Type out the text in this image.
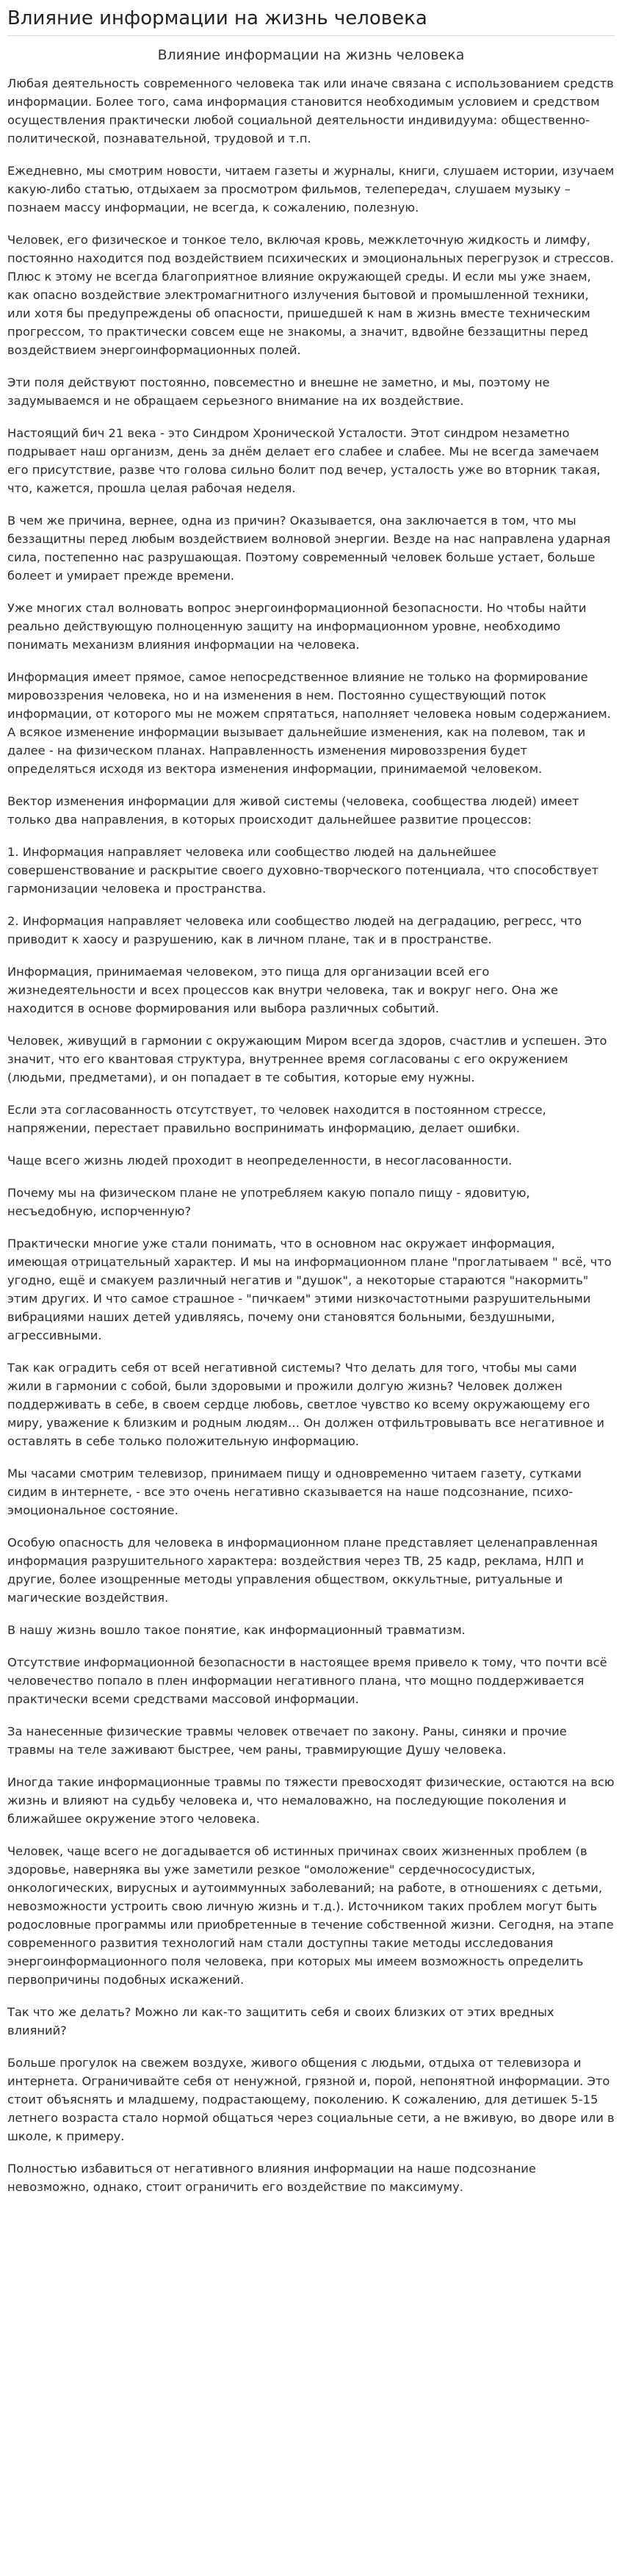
Влияние информации на жизнь человека
Влияние информации на жизнь человека

Любая деятельность современного человека так или иначе связана с использованием средств информации. Более того, сама информация становится необходимым условием и средством осуществления практически любой социальной деятельности индивидуума: общественно-политической, познавательной, трудовой и т.п.

Ежедневно, мы смотрим новости, читаем газеты и журналы, книги, слушаем истории, изучаем какую-либо статью, отдыхаем за просмотром фильмов, телепередач, слушаем музыку – познаем массу информации, не всегда, к сожалению, полезную.

Человек, его физическое и тонкое тело, включая кровь, межклеточную жидкость и лимфу, постоянно находится под воздействием психических и эмоциональных перегрузок и стрессов. Плюс к этому не всегда благоприятное влияние окружающей среды. И если мы уже знаем, как опасно воздействие электромагнитного излучения бытовой и промышленной техники, или хотя бы предупреждены об опасности, пришедшей к нам в жизнь вместе техническим прогрессом, то практически совсем еще не знакомы, а значит, вдвойне беззащитны перед воздействием энергоинформационных полей.

Эти поля действуют постоянно, повсеместно и внешне не заметно, и мы, поэтому не задумываемся и не обращаем серьезного внимание на их воздействие.

Настоящий бич 21 века - это Синдром Хронической Усталости. Этот синдром незаметно подрывает наш организм, день за днём делает его слабее и слабее. Мы не всегда замечаем его присутствие, разве что голова сильно болит под вечер, усталость уже во вторник такая, что, кажется, прошла целая рабочая неделя.

В чем же причина, вернее, одна из причин? Оказывается, она заключается в том, что мы беззащитны перед любым воздействием волновой энергии. Везде на нас направлена ударная сила, постепенно нас разрушающая. Поэтому современный человек больше устает, больше болеет и умирает прежде времени.

Уже многих стал волновать вопрос энергоинформационной безопасности. Но чтобы найти реально действующую полноценную защиту на информационном уровне, необходимо понимать механизм влияния информации на человека.

Информация имеет прямое, самое непосредственное влияние не только на формирование мировоззрения человека, но и на изменения в нем. Постоянно существующий поток информации, от которого мы не можем спрятаться, наполняет человека новым содержанием. А всякое изменение информации вызывает дальнейшие изменения, как на полевом, так и далее - на физическом планах. Направленность изменения мировоззрения будет определяться исходя из вектора изменения информации, принимаемой человеком.

Вектор изменения информации для живой системы (человека, сообщества людей) имеет только два направления, в которых происходит дальнейшее развитие процессов:

1. Информация направляет человека или сообщество людей на дальнейшее совершенствование и раскрытие своего духовно-творческого потенциала, что способствует гармонизации человека и пространства.

2. Информация направляет человека или сообщество людей на деградацию, регресс, что приводит к хаосу и разрушению, как в личном плане, так и в пространстве.

Информация, принимаемая человеком, это пища для организации всей его жизнедеятельности и всех процессов как внутри человека, так и вокруг него. Она же находится в основе формирования или выбора различных событий.

Человек, живущий в гармонии с окружающим Миром всегда здоров, счастлив и успешен. Это значит, что его квантовая структура, внутреннее время согласованы с его окружением (людьми, предметами), и он попадает в те события, которые ему нужны.

Если эта согласованность отсутствует, то человек находится в постоянном стрессе, напряжении, перестает правильно воспринимать информацию, делает ошибки.

Чаще всего жизнь людей проходит в неопределенности, в несогласованности.

Почему мы на физическом плане не употребляем какую попало пищу - ядовитую, несъедобную, испорченную?

Практически многие уже стали понимать, что в основном нас окружает информация, имеющая отрицательный характер. И мы на информационном плане "проглатываем " всё, что угодно, ещё и смакуем различный негатив и "душок", а некоторые стараются "накормить" этим других. И что самое страшное - "пичкаем" этими низкочастотными разрушительными вибрациями наших детей удивляясь, почему они становятся больными, бездушными, агрессивными.

Так как оградить себя от всей негативной системы? Что делать для того, чтобы мы сами жили в гармонии с собой, были здоровыми и прожили долгую жизнь? Человек должен поддерживать в себе, в своем сердце любовь, светлое чувство ко всему окружающему его миру, уважение к близким и родным людям… Он должен отфильтровывать все негативное и оставлять в себе только положительную информацию.

Мы часами смотрим телевизор, принимаем пищу и одновременно читаем газету, сутками сидим в интернете, - все это очень негативно сказывается на наше подсознание, психо-эмоциональное состояние.

Особую опасность для человека в информационном плане представляет целенаправленная информация разрушительного характера: воздействия через ТВ, 25 кадр, реклама, НЛП и другие, более изощренные методы управления обществом, оккультные, ритуальные и магические воздействия.

В нашу жизнь вошло такое понятие, как информационный травматизм.

Отсутствие информационной безопасности в настоящее время привело к тому, что почти всё человечество попало в плен информации негативного плана, что мощно поддерживается практически всеми средствами массовой информации.

За нанесенные физические травмы человек отвечает по закону. Раны, синяки и прочие травмы на теле заживают быстрее, чем раны, травмирующие Душу человека.

Иногда такие информационные травмы по тяжести превосходят физические, остаются на всю жизнь и влияют на судьбу человека и, что немаловажно, на последующие поколения и ближайшее окружение этого человека.

Человек, чаще всего не догадывается об истинных причинах своих жизненных проблем (в здоровье, наверняка вы уже заметили резкое "омоложение" сердечнососудистых, онкологических, вирусных и аутоиммунных заболеваний; на работе, в отношениях с детьми, невозможности устроить свою личную жизнь и т.д.). Источником таких проблем могут быть родословные программы или приобретенные в течение собственной жизни. Сегодня, на этапе современного развития технологий нам стали доступны такие методы исследования энергоинформационного поля человека, при которых мы имеем возможность определить первопричины подобных искажений.

Так что же делать? Можно ли как-то защитить себя и своих близких от этих вредных влияний?

Больше прогулок на свежем воздухе, живого общения с людьми, отдыха от телевизора и интернета. Ограничивайте себя от ненужной, грязной и, порой, непонятной информации. Это стоит объяснять и младшему, подрастающему, поколению. К сожалению, для детишек 5-15 летнего возраста стало нормой общаться через социальные сети, а не вживую, во дворе или в школе, к примеру.

Полностью избавиться от негативного влияния информации на наше подсознание невозможно, однако, стоит ограничить его воздействие по максимуму.
